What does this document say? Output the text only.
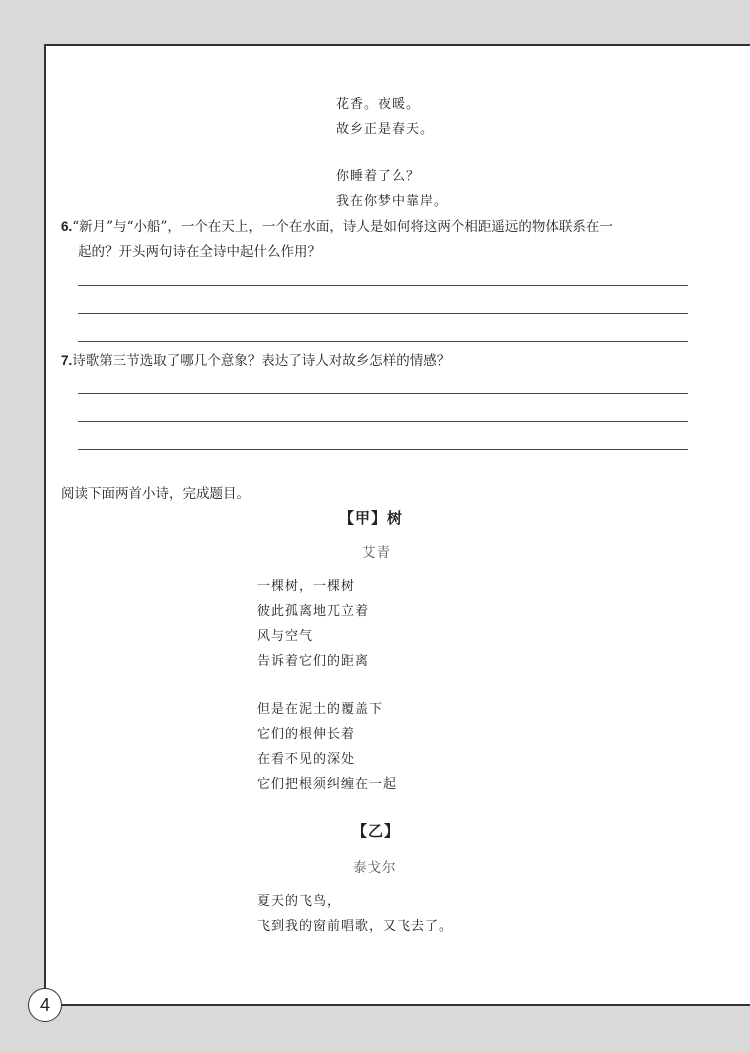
花香。夜暖。
故乡正是春天。
你睡着了么？
我在你梦中靠岸。
6.“新月”与“小船”，一个在天上，一个在水面，诗人是如何将这两个相距遥远的物体联系在一
起的？开头两句诗在全诗中起什么作用？
7.诗歌第三节选取了哪几个意象？表达了诗人对故乡怎样的情感？
阅读下面两首小诗，完成题目。
【甲】树
艾青
一棵树，一棵树
彼此孤离地兀立着
风与空气
告诉着它们的距离
但是在泥土的覆盖下
它们的根伸长着
在看不见的深处
它们把根须纠缠在一起
【乙】
泰戈尔
夏天的飞鸟，
飞到我的窗前唱歌，又飞去了。
4
